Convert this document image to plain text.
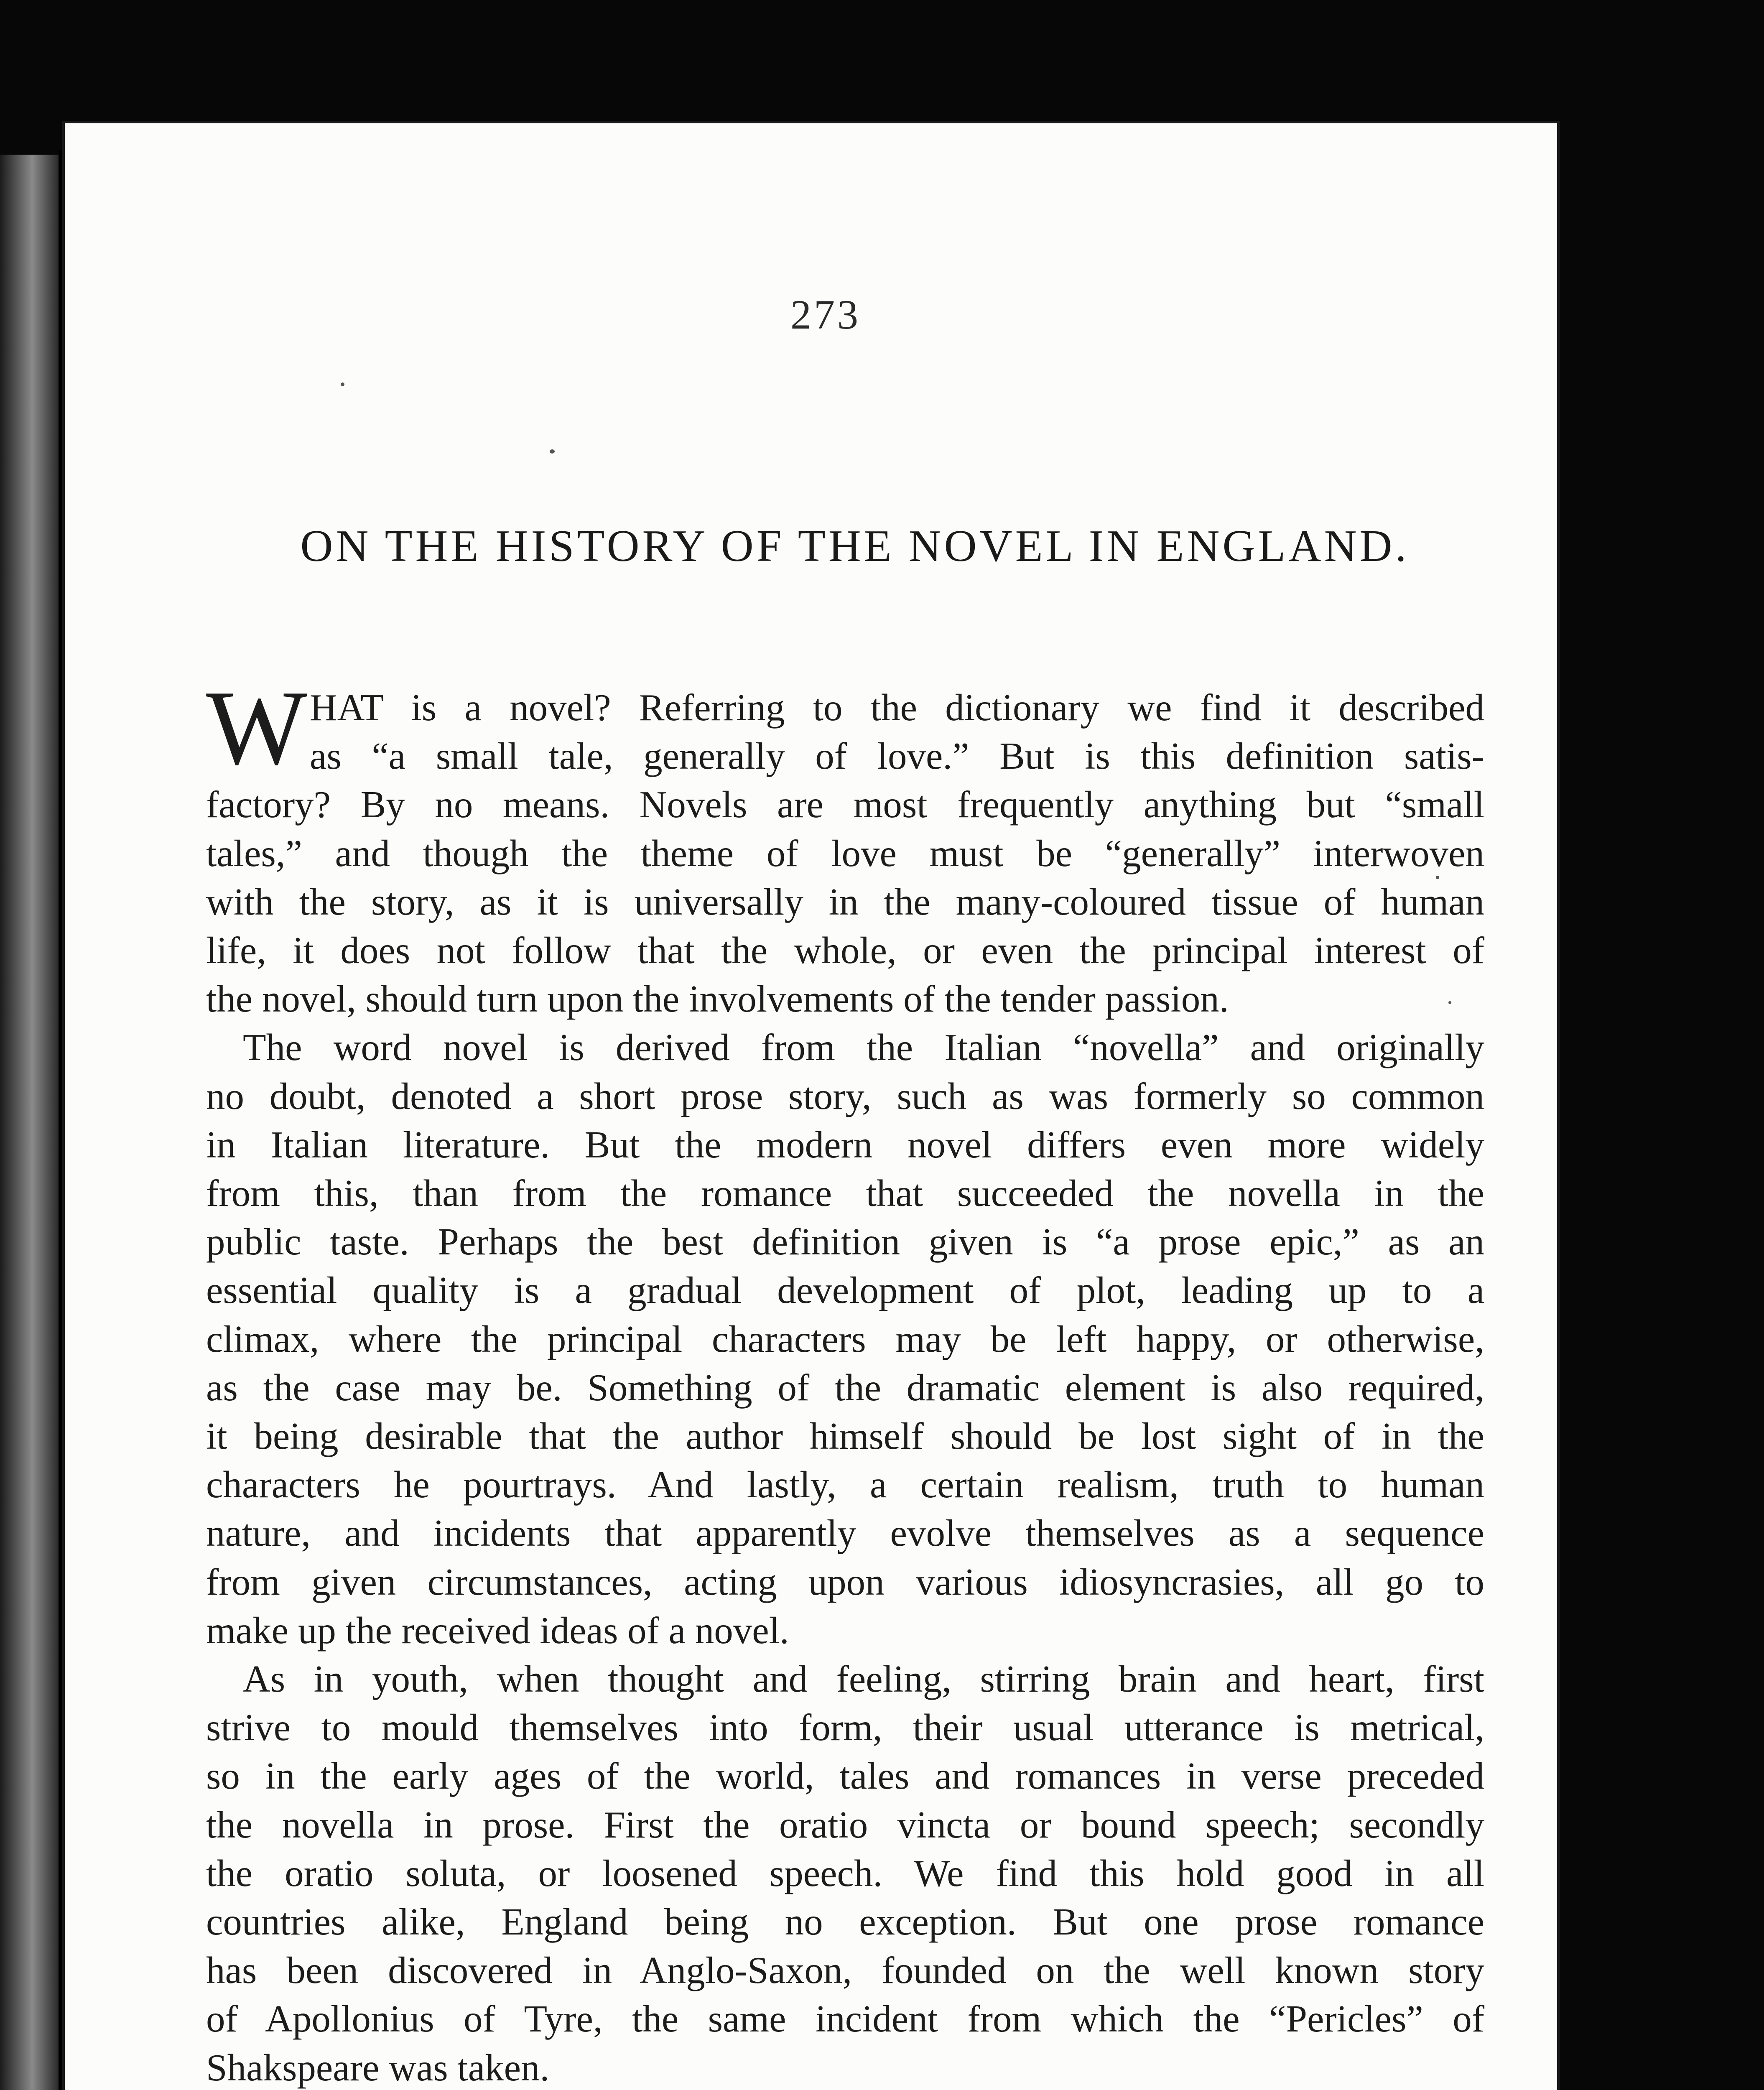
273
ON THE HISTORY OF THE NOVEL IN ENGLAND.
W HAT is a novel? Referring to the dictionary we find it described
as “a small tale, generally of love.” But is this definition satis-
factory? By no means. Novels are most frequently anything but “small
tales,” and though the theme of love must be “generally” interwoven
with the story, as it is universally in the many-coloured tissue of human
life, it does not follow that the whole, or even the principal interest of
the novel, should turn upon the involvements of the tender passion.
The word novel is derived from the Italian “novella” and originally
no doubt, denoted a short prose story, such as was formerly so common
in Italian literature. But the modern novel differs even more widely
from this, than from the romance that succeeded the novella in the
public taste. Perhaps the best definition given is “a prose epic,” as an
essential quality is a gradual development of plot, leading up to a
climax, where the principal characters may be left happy, or otherwise,
as the case may be. Something of the dramatic element is also required,
it being desirable that the author himself should be lost sight of in the
characters he pourtrays. And lastly, a certain realism, truth to human
nature, and incidents that apparently evolve themselves as a sequence
from given circumstances, acting upon various idiosyncrasies, all go to
make up the received ideas of a novel.
As in youth, when thought and feeling, stirring brain and heart, first
strive to mould themselves into form, their usual utterance is metrical,
so in the early ages of the world, tales and romances in verse preceded
the novella in prose. First the oratio vincta or bound speech; secondly
the oratio soluta, or loosened speech. We find this hold good in all
countries alike, England being no exception. But one prose romance
has been discovered in Anglo-Saxon, founded on the well known story
of Apollonius of Tyre, the same incident from which the “Pericles” of
Shakspeare was taken.
